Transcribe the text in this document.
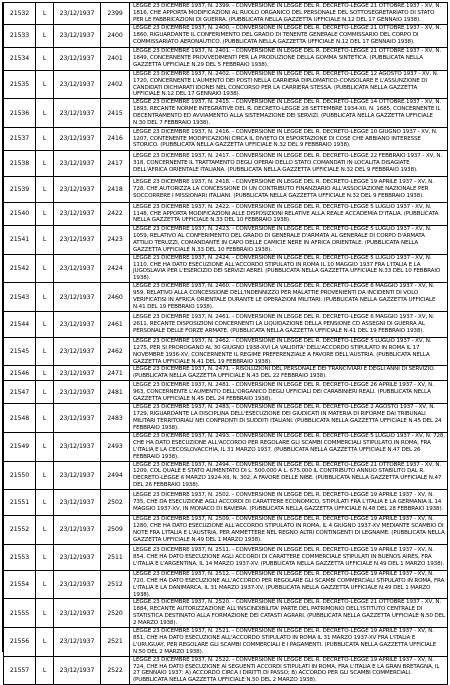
21532	L	23/12/1937	2399	LEGGE 23 DICEMBRE 1937, N. 2399. - CONVERSIONE IN LEGGE DEL R. DECRETO-LEGGE 21 OTTOBRE 1937 - XV, N. 1816, CHE APPORTA MODIFICAZIONI AL RUOLO ORGANICO DEL PERSONALE DEL SOTTOSEGRETARIATO DI STATO PER LE FABBRICAZIONI DI GUERRA. (PUBBLICATA NELLA GAZZETTA UFFICIALE N.12 DEL 17 GENNAIO 1938).

21533	L	23/12/1937	2400	LEGGE 23 DICEMBRE 1937, N. 2400. - CONVERSIONE IN LEGGE DEL R. DECRETO-LEGGE 21 OTTOBRE 1937 - XV, N. 1860, RIGUARDANTE IL CONFERIMENTO DEL GRADO DI TENENTE GENERALE COMMISSARIO DEL CORPO DI COMMISSARIATO AERONAUTICO. (PUBBLICATA NELLA GAZZETTA UFFICIALE N.12 DEL 17 GENNAIO 1938).

21534	L	23/12/1937	2401	LEGGE 23 DICEMBRE 1937, N. 2401. - CONVERSIONE IN LEGGE DEL R. DECRETO-LEGGE 21 OTTOBRE 1937 - XV, N. 1849, CONCERNENTE PROVVEDIMENTI PER LA PRODUZIONE DELLA GOMMA SINTETICA. (PUBBLICATA NELLA GAZZETTA UFFICIALE N.29 DEL 5 FEBBRAIO 1938).

21535	L	23/12/1937	2402	LEGGE 23 DICEMBRE 1937, N. 2402. - CONVERSIONE IN LEGGE DEL R. DECRETO-LEGGE 12 AGOSTO 1937 - XV, N. 1720, CONCERNENTE L'AUMENTO DEI POSTI NELLA CARRIERA DIPLOMATICO-CONSOLARE E L'ASSUNZIONE DI CANDIDATI DICHIARATI IDONEI NEL CONCORSO PER LA CARRIERA STESSA. (PUBBLICATA NELLA GAZZETTA UFFICIALE N.12 DEL 17 GENNAIO 1938).

21536	L	23/12/1937	2415	LEGGE 23 DICEMBRE 1937, N. 2415. - CONVERSIONE IN LEGGE DEL R. DECRETO-LEGGE 14 OTTOBRE 1937 - XV, N. 1893, RECANTE NORME INTEGRATIVE DEL R. DECRETO-LEGGE 28 SETTEMBRE 1934-XII, N. 1685, CONCERNENTE IL DECENTRAMENTO ED AVVIAMENTO ALLA SISTEMAZIONE DEI SERVIZI. (PUBBLICATA NELLA GAZZETTA UFFICIALE N.30 DEL 7 FEBBRAIO 1938).

21537	L	23/12/1937	2416	LEGGE 23 DICEMBRE 1937, N. 2416. - CONVERSIONE IN LEGGE DEL R. DECRETO-LEGGE 10 GIUGNO 1937 - XV, N. 1207, CONTENENTE MODIFICAZIONI CIRCA IL DIVIETO DI ESPORTAZIONE DI COSE CHE ABBIANO INTERESSE STORICO. (PUBBLICATA NELLA GAZZETTA UFFICIALE N.32 DEL 9 FEBBRAIO 1938).

21538	L	23/12/1937	2417	LEGGE 23 DICEMBRE 1937, N. 2417. - CONVERSIONE IN LEGGE DEL R. DECRETO-LEGGE 22 FEBBRAIO 1937 - XV, N. 318, CONCERNENTE IL TRATTAMENTO DEGLI OPERAI DELLO STATO COMANDATI IN LOCALITA DISAGIATE DELL'AFRICA ORIENTALE ITALIANA. (PUBBLICATA NELLA GAZZETTA UFFICIALE N.32 DEL 9 FEBBRAIO 1938).

21539	L	23/12/1937	2418	LEGGE 23 DICEMBRE 1937, N. 2418. - CONVERSIONE IN LEGGE DEL R. DECRETO-LEGGE 19 APRILE 1937 - XV, N. 728, CHE AUTORIZZA LA CONCESSIONE DI UN CONTRIBUTO FINANZIARIO ALL'ASSOCIAZIONE NAZIONALE PER SOCCORRERE I MISSIONARI ITALIANI. (PUBBLICATA NELLA GAZZETTA UFFICIALE N.32 DEL 9 FEBBRAIO 1938).

21540	L	23/12/1937	2422	LEGGE 23 DICEMBRE 1937, N. 2422. - CONVERSIONE IN LEGGE DEL R. DECRETO-LEGGE 5 LUGLIO 1937 - XV, N. 1148, CHE APPORTA MODIFICAZIONI ALLE DISPOSIZIONI RELATIVE ALLA REALE ACCADEMIA D'ITALIA. (PUBBLICATA NELLA GAZZETTA UFFICIALE N.33 DEL 10 FEBBRAIO 1938).

21541	L	23/12/1937	2423	LEGGE 23 DICEMBRE 1937, N. 2423. - CONVERSIONE IN LEGGE DEL R. DECRETO-LEGGE 5 LUGLIO 1937 - XV, N. 1059, RELATIVO AL CONFERIMENTO DEL GRADO DI GENERALE D'ARMATA AL GENERALE DI CORPO D'ARMATA ATTILIO TERUZZI, COMANDANTE IN CAPO DELLE CAMICIE NERE IN AFRICA ORIENTALE. (PUBBLICATA NELLA GAZZETTA UFFICIALE N.33 DEL 10 FEBBRAIO 1938).

21542	L	23/12/1937	2424	LEGGE 23 DICEMBRE 1937, N. 2424. - CONVERSIONE IN LEGGE DEL R. DECRETO-LEGGE 5 LUGLIO 1937 - XV, N. 1110, CHE HA DATO ESECUZIONE ALL'ACCORDO STIPULATO IN ROMA IL 10 MAGGIO 1937 FRA L'ITALIA E LA JUGOSLAVIA PER L'ESERCIZIO DEI SERVIZI AEREI. (PUBBLICATA NELLA GAZZETTA UFFICIALE N.33 DEL 10 FEBBRAIO 1938).

21543	L	23/12/1937	2460	LEGGE 23 DICEMBRE 1937, N. 2460. - CONVERSIONE IN LEGGE DEL R. DECRETO-LEGGE 6 MAGGIO 1937 - XV, N. 959, RELATIVO ALLA CONCESSIONE DELL'INDENNIZZO PER MALATTIE PROVENIENTI DA INCIDENTI DI VOLO VERIFICATISI IN AFRICA ORIENTALE DURANTE LE OPERAZIONI MILITARI. (PUBBLICATA NELLA GAZZETTA UFFICIALE N.41 DEL 19 FEBBRAIO 1938).

21544	L	23/12/1937	2461	LEGGE 23 DICEMBRE 1937, N. 2461. - CONVERSIONE IN LEGGE DEL R. DECRETO-LEGGE 6 MAGGIO 1937 - XV, N. 2611, RECANTE DISPOSIZIONI CONCERNENTI LA LIQUIDAZIONE DELLA PENSIONE CD ASSEGNI DI GUERRA AL PERSONALE DELLE FORZE ARMATE. (PUBBLICATA NELLA GAZZETTA UFFICIALE N.41 DEL 19 FEBBRAIO 1938).

21545	L	23/12/1937	2462	LEGGE 23 DICEMBRE 1937, N. 2462. - CONVERSIONE IN LEGGE DEL R. DECRETO-LEGGE 5 LUGLIO 1937 - XV, N. 1275, PER SI PROROGANO AL 30 GIUGNO 1938-XVI LA VALIDITA' DELL'ACCORDO STIPULATO IN ROMA IL 17 NOVEMBRE 1936-XV, CONCERNENTE IL REGIME PREFERENZIALE A FAVORE DELL'AUSTRIA. (PUBBLICATA NELLA GAZZETTA UFFICIALE N.41 DEL 19 FEBBRAIO 1938).

21546	L	23/12/1937	2471	LEGGE 23 DICEMBRE 1937, N. 2471. - RISOLUZIONI DEL PERSONALE DEI TRANCIVIARI E DEGLI ANNI DI SERVIZIO. (PUBBLICATA NELLA GAZZETTA UFFICIALE N.43 DEL 22 FEBBRAIO 1938).

21547	L	23/12/1937	2481	LEGGE 23 DICEMBRE 1937, N. 2481. - CONVERSIONE IN LEGGE DEL R. DECRETO-LEGGE 26 APRILE 1937 - XV, N. 963, CONCERNENTE L'AUMENTO DELL'ORGANICO DEGLI UFFICIALI DEI CARABINIERI REALI. (PUBBLICATA NELLA GAZZETTA UFFICIALE N.45 DEL 24 FEBBRAIO 1938).

21548	L	23/12/1937	2483	LEGGE 23 DICEMBRE 1937, N. 2483. - CONVERSIONE IN LEGGE DEL R. DECRETO-LEGGE 2 AGOSTO 1937 - XV, N. 1729, RIGUARDANTE LA DISCIPLINA DELL'ESECUZIONE DEI GIUDICATI IN MATERIA DI RIFORME DAI TRIBUNALI MILITARI TERRITORIALI NEI CONFRONTI DI SUDDITI ITALIANI. (PUBBLICATA NELLA GAZZETTA UFFICIALE N.45 DEL 24 FEBBRAIO 1938).

21549	L	23/12/1937	2493	LEGGE 23 DICEMBRE 1937, N. 2493. - CONVERSIONE IN LEGGE DEL R. DECRETO-LEGGE 5 LUGLIO 1937 - XV, N. 728, CHE HA DATO ESECUZIONE ALL'ACCORDO PER REGOLARE GLI SCAMBI COMMERCIALI STIPULATO IN ROMA, FRA L'ITALIA E LA CECOSLOVACCHIA, IL 31 MARZO 1937. (PUBBLICATA NELLA GAZZETTA UFFICIALE N.47 DEL 26 FEBBRAIO 1938).

21550	L	23/12/1937	2494	LEGGE 23 DICEMBRE 1937, N. 2494. - CONVERSIONE IN LEGGE DEL R. DECRETO-LEGGE 21 OTTOBRE 1937 - XV, N. 1209, COL QUALE E STATO AUMENTATO DI L. 500.000 A L. 675.000 IL CONTRIBUTO ANNUO STABILITO DAL R. DECRETO-LEGGE 6 MARZO 1924-XII, N. 302, A FAVORE DELLE NIBE. (PUBBLICATA NELLA GAZZETTA UFFICIALE N.47 DEL 26 FEBBRAIO 1938).

21551	L	23/12/1937	2502	LEGGE 23 DICEMBRE 1937, N. 2502. - CONVERSIONE IN LEGGE DEL R. DECRETO-LEGGE 19 APRILE 1937 - XV, N. 735, CHE DA ESECUZIONE AGLI ACCORDI DI CARATTERE ECONOMICO, STIPULATI FRA L'ITALIA E LA GERMANIA IL 14 MAGGIO 1937-XV, IN MONACO DI BAVIERA. (PUBBLICATA NELLA GAZZETTA UFFICIALE N.48 DEL 28 FEBBRAIO 1938).

21552	L	23/12/1937	2509	LEGGE 23 DICEMBRE 1937, N. 2509. - CONVERSIONE IN LEGGE DEL R. DECRETO-LEGGE 19 APRILE 1937 - XV, N. 1280, CHE HA DATO ESECUZIONE ALL'ACCORDO STIPULATO IN ROMA, IL 4 GIUGNO 1937-XV MEDIANTE SCAMBIO DI NOTE FRA L'ITALIA E L'AUSTRIA, PER AMMETTERE NEL REGNO ALTRI CONTINGENTI DI LEGNAME. (PUBBLICATA NELLA GAZZETTA UFFICIALE N.49 DEL 1 MARZO 1938).

21553	L	23/12/1937	2511	LEGGE 23 DICEMBRE 1937, N. 2511. - CONVERSIONE IN LEGGE DEL R. DECRETO-LEGGE 19 APRILE 1937 - XV, N. 854, CHE HA DATO ESECUZIONE AGLI ACCORDI DI CARATTERE COMMERCIALE STIPULATI IN BUENOS AIRES, FRA L'ITALIA E L'ARGENTINA, IL 14 MARZO 1937-XV. (PUBBLICATA NELLA GAZZETTA UFFICIALE N.49 DEL 1 MARZO 1938).

21554	L	23/12/1937	2512	LEGGE 23 DICEMBRE 1937, N. 2512. - CONVERSIONE IN LEGGE DEL R. DECRETO-LEGGE 19 APRILE 1937 - XV, N. 720, CHE HA DATO ESECUZIONE ALL'ACCORDO PER REGOLARE GLI SCAMBI COMMERCIALI STIPULATO IN ROMA, FRA L'ITALIA E LA DANIMARCA, IL 31 MARZO 1937-XV. (PUBBLICATA NELLA GAZZETTA UFFICIALE N.49 DEL 1 MARZO 1938).

21555	L	23/12/1937	2520	LEGGE 23 DICEMBRE 1937, N. 2520. - CONVERSIONE IN LEGGE DEL R. DECRETO-LEGGE 21 OTTOBRE 1937 - XV, N. 1884, RECANTE AUTORIZZAZIONE ALL'INSCINDIBILITA' PARTE DEL PATRIMONIO DELL'ISTITUTO CENTRALE DI STATISTICA DESTINATO ALLA FORMAZIONE DEI CATASTI AGRARI. (PUBBLICATA NELLA GAZZETTA UFFICIALE N.50 DEL 2 MARZO 1938).

21556	L	23/12/1937	2521	LEGGE 23 DICEMBRE 1937, N. 2521. - CONVERSIONE IN LEGGE DEL R. DECRETO-LEGGE 19 APRILE 1937 - XV, N. 851, CHE HA DATO ESECUZIONE ALL'ACCORDO STIPULATO IN ROMA IL 31 MARZO 1937-XV FRA L'ITALIA E L'URUGUAY, PER REGOLARE GLI SCAMBI COMMERCIALI E I PAGAMENTI. (PUBBLICATA NELLA GAZZETTA UFFICIALE N.50 DEL 2 MARZO 1938).

21557	L	23/12/1937	2522	LEGGE 23 DICEMBRE 1937, N. 2522. - CONVERSIONE IN LEGGE DEL R. DECRETO-LEGGE 19 APRILE 1937 - XV, N. 724, CHE HA DATO ESECUZIONE AI SEGUENTI ACCORDI STIPULATI IN ROMA, FRA L'ITALIA E LA GRAN BRETAGNA, IL 27 GENNAIO 1937: A) ACCORDO CIRCA I DIRITTI DI PASSO; B) ACCORDO PER GLI SCAMBI COMMERCIALI. (PUBBLICATA NELLA GAZZETTA UFFICIALE N.50 DEL 2 MARZO 1938).
